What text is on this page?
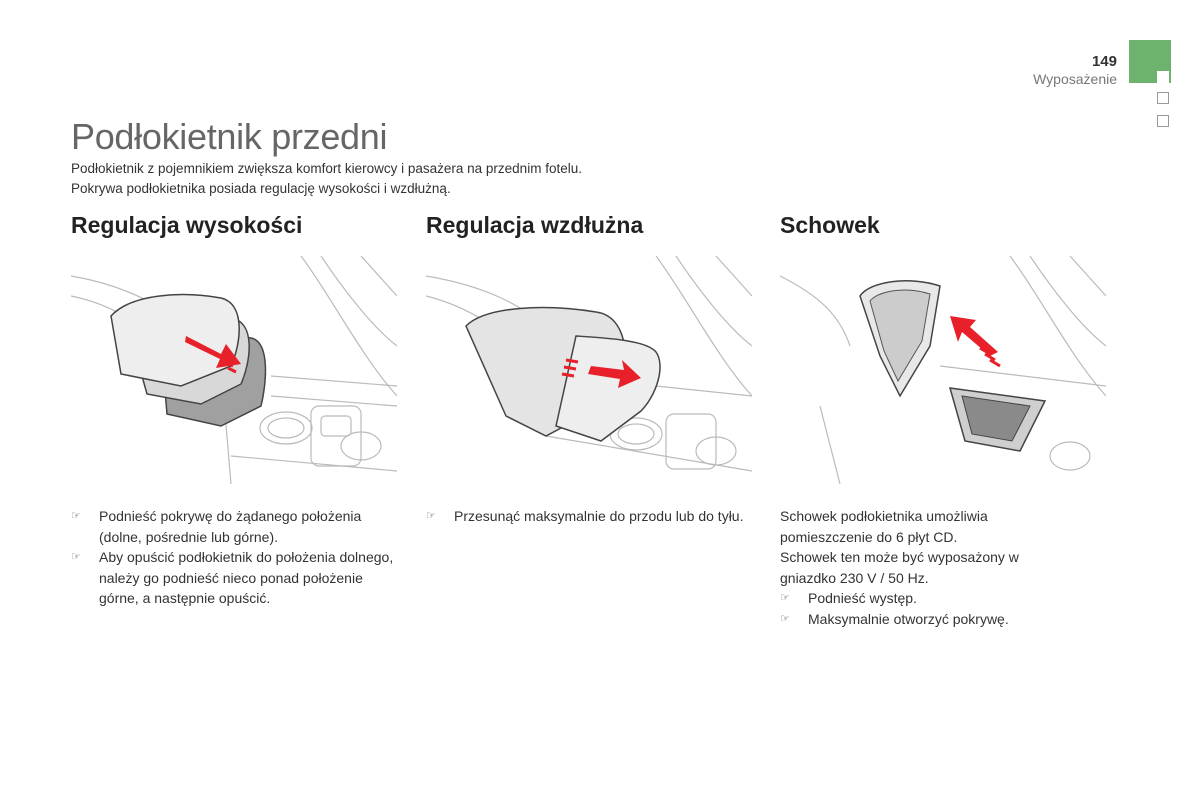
149
Wyposażenie
Podłokietnik przedni

Podłokietnik z pojemnikiem zwiększa komfort kierowcy i pasażera na przednim fotelu.

Pokrywa podłokietnika posiada regulację wysokości i wzdłużną.

Regulacja wysokości	Regulacja wzdłużna	Schowek
☞ Podnieść pokrywę do żądanego położenia (dolne, pośrednie lub górne).
☞ Aby opuścić podłokietnik do położenia dolnego, należy go podnieść nieco ponad położenie górne, a następnie opuścić.
☞ Przesunąć maksymalnie do przodu lub do tyłu.	Schowek podłokietnika umożliwia

pomieszczenie do 6 płyt CD.

Schowek ten może być wyposażony w

gniazdko 230 V / 50 Hz.

☞ Podnieść występ.
☞ Maksymalnie otworzyć pokrywę.
